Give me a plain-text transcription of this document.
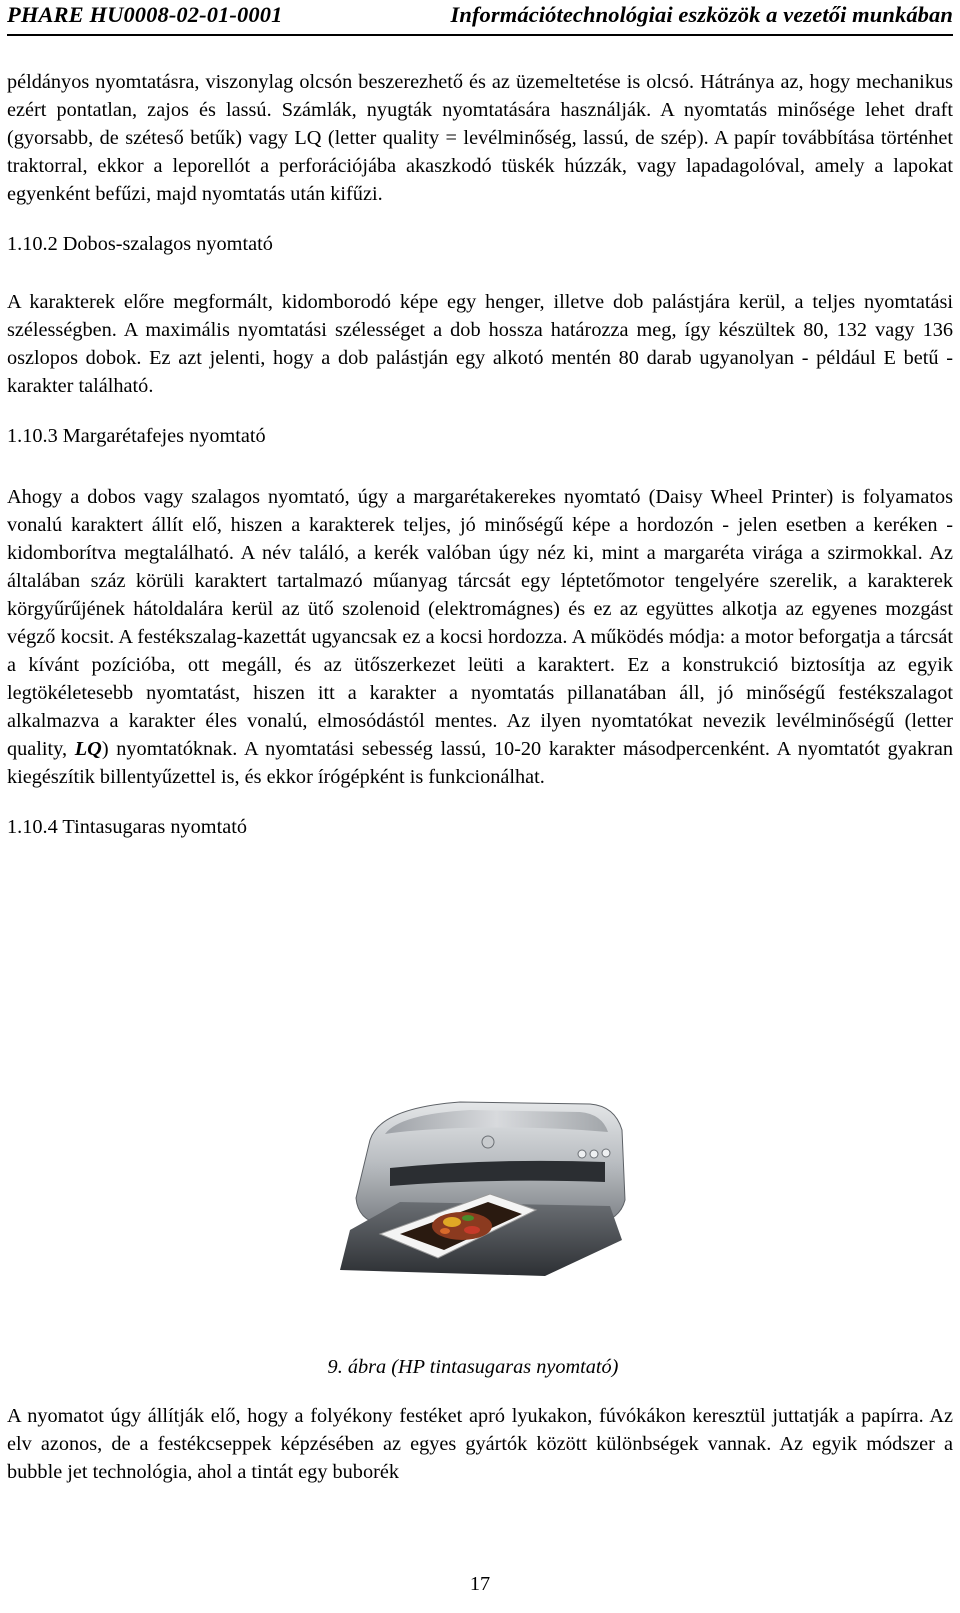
PHARE HU0008-02-01-0001	Információtechnológiai eszközök a vezetői munkában

példányos nyomtatásra, viszonylag olcsón beszerezhető és az üzemeltetése is olcsó. Hátránya az, hogy mechanikus ezért pontatlan, zajos és lassú. Számlák, nyugták nyomtatására használják. A nyomtatás minősége lehet draft (gyorsabb, de széteső betűk) vagy LQ (letter quality = levélminőség, lassú, de szép). A papír továbbítása történhet traktorral, ekkor a leporellót a perforációjába akaszkodó tüskék húzzák, vagy lapadagolóval, amely a lapokat egyenként befűzi, majd nyomtatás után kifűzi.

1.10.2 Dobos-szalagos nyomtató

A karakterek előre megformált, kidomborodó képe egy henger, illetve dob palástjára kerül, a teljes nyomtatási szélességben. A maximális nyomtatási szélességet a dob hossza határozza meg, így készültek 80, 132 vagy 136 oszlopos dobok. Ez azt jelenti, hogy a dob palástján egy alkotó mentén 80 darab ugyanolyan - például E betű - karakter található.

1.10.3 Margarétafejes nyomtató

Ahogy a dobos vagy szalagos nyomtató, úgy a margarétakerekes nyomtató (Daisy Wheel Printer) is folyamatos vonalú karaktert állít elő, hiszen a karakterek teljes, jó minőségű képe a hordozón - jelen esetben a keréken - kidomborítva megtalálható. A név találó, a kerék valóban úgy néz ki, mint a margaréta virága a szirmokkal. Az általában száz körüli karaktert tartalmazó műanyag tárcsát egy léptetőmotor tengelyére szerelik, a karakterek körgyűrűjének hátoldalára kerül az ütő szolenoid (elektromágnes) és ez az együttes alkotja az egyenes mozgást végző kocsit. A festékszalag-kazettát ugyancsak ez a kocsi hordozza. A működés módja: a motor beforgatja a tárcsát a kívánt pozícióba, ott megáll, és az ütőszerkezet leüti a karaktert. Ez a konstrukció biztosítja az egyik legtökéletesebb nyomtatást, hiszen itt a karakter a nyomtatás pillanatában áll, jó minőségű festékszalagot alkalmazva a karakter éles vonalú, elmosódástól mentes. Az ilyen nyomtatókat nevezik levélminőségű (letter quality, LQ) nyomtatóknak. A nyomtatási sebesség lassú, 10-20 karakter másodpercenként. A nyomtatót gyakran kiegészítik billentyűzettel is, és ekkor írógépként is funkcionálhat.

1.10.4 Tintasugaras nyomtató

9. ábra (HP tintasugaras nyomtató)

A nyomatot úgy állítják elő, hogy a folyékony festéket apró lyukakon, fúvókákon keresztül juttatják a papírra. Az elv azonos, de a festékcseppek képzésében az egyes gyártók között különbségek vannak. Az egyik módszer a bubble jet technológia, ahol a tintát egy buborék

17
